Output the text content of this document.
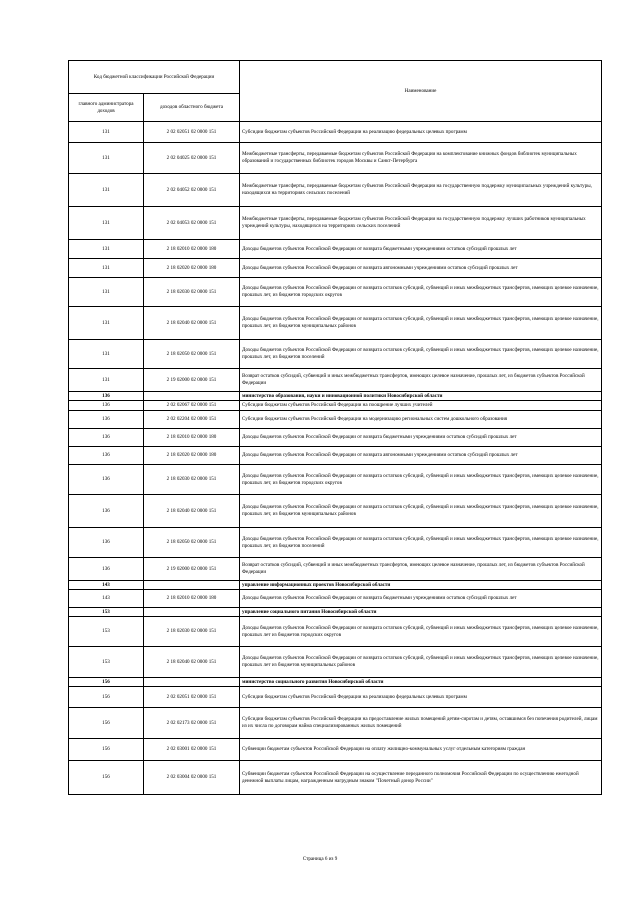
Код бюджетной классификации Российской Федерации		Наименование
главного администратора доходов	доходов областного бюджета	
131	2 02 02051 02 0000 151	Субсидии бюджетам субъектов Российской Федерации на реализацию федеральных целевых программ
131	2 02 04025 02 0000 151	Межбюджетные трансферты, передаваемые бюджетам субъектов Российской Федерации на комплектование книжных фондов библиотек муниципальных образований и государственных библиотек городов Москвы и Санкт-Петербурга
131	2 02 04052 02 0000 151	Межбюджетные трансферты, передаваемые бюджетам субъектов Российской Федерации на государственную поддержку муниципальных учреждений культуры, находящихся на территориях сельских поселений
131	2 02 04053 02 0000 151	Межбюджетные трансферты, передаваемые бюджетам субъектов Российской Федерации на государственную поддержку лучших работников муниципальных учреждений культуры, находящихся на территориях сельских поселений
131	2 18 02010 02 0000 180	Доходы бюджетов субъектов Российской Федерации от возврата бюджетными учреждениями остатков субсидий прошлых лет
131	2 18 02020 02 0000 180	Доходы бюджетов субъектов Российской Федерации от возврата автономными учреждениями остатков субсидий прошлых лет
131	2 18 02030 02 0000 151	Доходы бюджетов субъектов Российской Федерации от возврата остатков субсидий, субвенций и иных межбюджетных трансфертов, имеющих целевое назначение, прошлых лет, из бюджетов городских округов
131	2 18 02040 02 0000 151	Доходы бюджетов субъектов Российской Федерации от возврата остатков субсидий, субвенций и иных межбюджетных трансфертов, имеющих целевое назначение, прошлых лет, из бюджетов муниципальных районов
131	2 18 02050 02 0000 151	Доходы бюджетов субъектов Российской Федерации от возврата остатков субсидий, субвенций и иных межбюджетных трансфертов, имеющих целевое назначение, прошлых лет, из бюджетов поселений
131	2 19 02000 02 0000 151	Возврат остатков субсидий, субвенций и иных межбюджетных трансфертов, имеющих целевое назначение, прошлых лет, из бюджетов субъектов Российской Федерации
136		министерство образования, науки и инновационной политики Новосибирской области
136	2 02 02067 02 0000 151	Субсидии бюджетам субъектов Российской Федерации на поощрение лучших учителей
136	2 02 02204 02 0000 151	Субсидии бюджетам субъектов Российской Федерации на модернизацию региональных систем дошкольного образования
136	2 18 02010 02 0000 180	Доходы бюджетов субъектов Российской Федерации от возврата бюджетными учреждениями остатков субсидий прошлых лет
136	2 18 02020 02 0000 180	Доходы бюджетов субъектов Российской Федерации от возврата автономными учреждениями остатков субсидий прошлых лет
136	2 18 02030 02 0000 151	Доходы бюджетов субъектов Российской Федерации от возврата остатков субсидий, субвенций и иных межбюджетных трансфертов, имеющих целевое назначение, прошлых лет, из бюджетов городских округов
136	2 18 02040 02 0000 151	Доходы бюджетов субъектов Российской Федерации от возврата остатков субсидий, субвенций и иных межбюджетных трансфертов, имеющих целевое назначение, прошлых лет, из бюджетов муниципальных районов
136	2 18 02050 02 0000 151	Доходы бюджетов субъектов Российской Федерации от возврата остатков субсидий, субвенций и иных межбюджетных трансфертов, имеющих целевое назначение, прошлых лет, из бюджетов поселений
136	2 19 02000 02 0000 151	Возврат остатков субсидий, субвенций и иных межбюджетных трансфертов, имеющих целевое назначение, прошлых лет, из бюджетов субъектов Российской Федерации
143		управление информационных проектов Новосибирской области
143	2 18 02010 02 0000 180	Доходы бюджетов субъектов Российской Федерации от возврата бюджетными учреждениями остатков субсидий прошлых лет
153		управление социального питания Новосибирской области
153	2 18 02030 02 0000 151	Доходы бюджетов субъектов Российской Федерации от возврата остатков субсидий, субвенций и иных межбюджетных трансфертов, имеющих целевое назначение, прошлых лет из бюджетов городских округов
153	2 18 02040 02 0000 151	Доходы бюджетов субъектов Российской Федерации от возврата остатков субсидий, субвенций и иных межбюджетных трансфертов, имеющих целевое назначение, прошлых лет из бюджетов муниципальных районов
156		министерство социального развития Новосибирской области
156	2 02 02051 02 0000 151	Субсидии бюджетам субъектов Российской Федерации на реализацию федеральных целевых программ
156	2 02 02173 02 0000 151	Субсидии бюджетам субъектов Российской Федерации на предоставление жилых помещений детям-сиротам и детям, оставшимся без попечения родителей, лицам из их числа по договорам найма специализированных жилых помещений
156	2 02 03001 02 0000 151	Субвенции бюджетам субъектов Российской Федерации на оплату жилищно-коммунальных услуг отдельным категориям граждан
156	2 02 03004 02 0000 151	Субвенции бюджетам субъектов Российской Федерации на осуществление переданного полномочия Российской Федерации по осуществлению ежегодной денежной выплаты лицам, награжденным нагрудным знаком "Почетный донор России"
Страница 6 из 9
